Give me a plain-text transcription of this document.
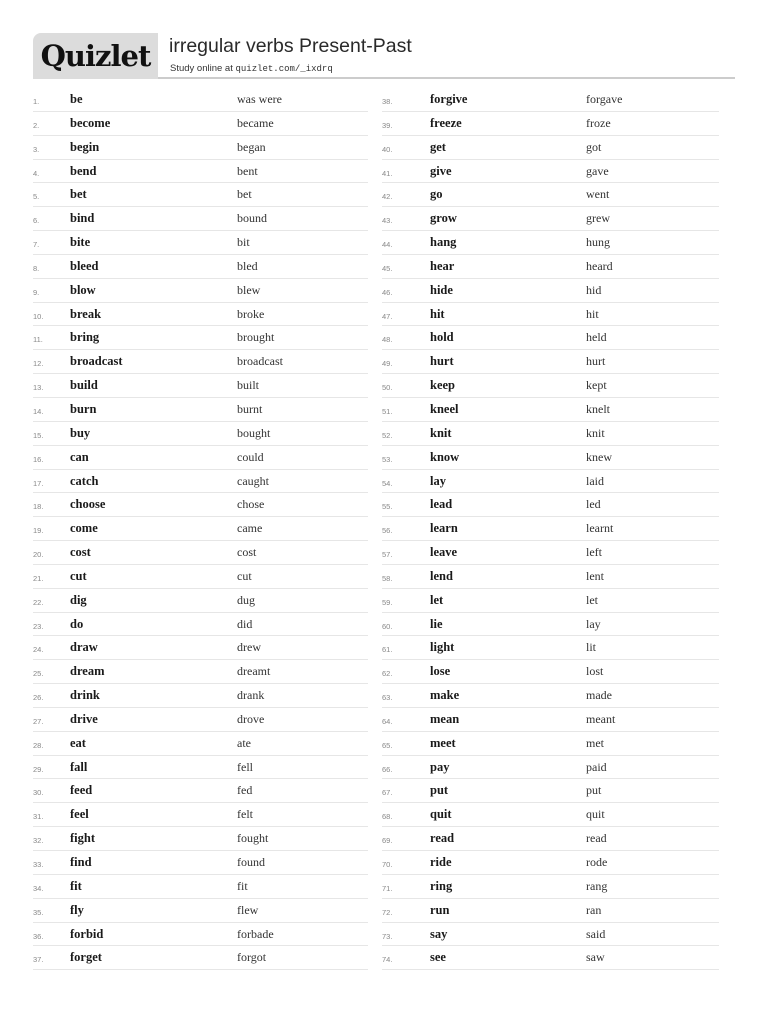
Quizlet irregular verbs Present-Past
Study online at quizlet.com/_ixdrq
1.	be	was were
2.	become	became
3.	begin	began
4.	bend	bent
5.	bet	bet
6.	bind	bound
7.	bite	bit
8.	bleed	bled
9.	blow	blew
10.	break	broke
11.	bring	brought
12.	broadcast	broadcast
13.	build	built
14.	burn	burnt
15.	buy	bought
16.	can	could
17.	catch	caught
18.	choose	chose
19.	come	came
20.	cost	cost
21.	cut	cut
22.	dig	dug
23.	do	did
24.	draw	drew
25.	dream	dreamt
26.	drink	drank
27.	drive	drove
28.	eat	ate
29.	fall	fell
30.	feed	fed
31.	feel	felt
32.	fight	fought
33.	find	found
34.	fit	fit
35.	fly	flew
36.	forbid	forbade
37.	forget	forgot
38.	forgive	forgave
39.	freeze	froze
40.	get	got
41.	give	gave
42.	go	went
43.	grow	grew
44.	hang	hung
45.	hear	heard
46.	hide	hid
47.	hit	hit
48.	hold	held
49.	hurt	hurt
50.	keep	kept
51.	kneel	knelt
52.	knit	knit
53.	know	knew
54.	lay	laid
55.	lead	led
56.	learn	learnt
57.	leave	left
58.	lend	lent
59.	let	let
60.	lie	lay
61.	light	lit
62.	lose	lost
63.	make	made
64.	mean	meant
65.	meet	met
66.	pay	paid
67.	put	put
68.	quit	quit
69.	read	read
70.	ride	rode
71.	ring	rang
72.	run	ran
73.	say	said
74.	see	saw
